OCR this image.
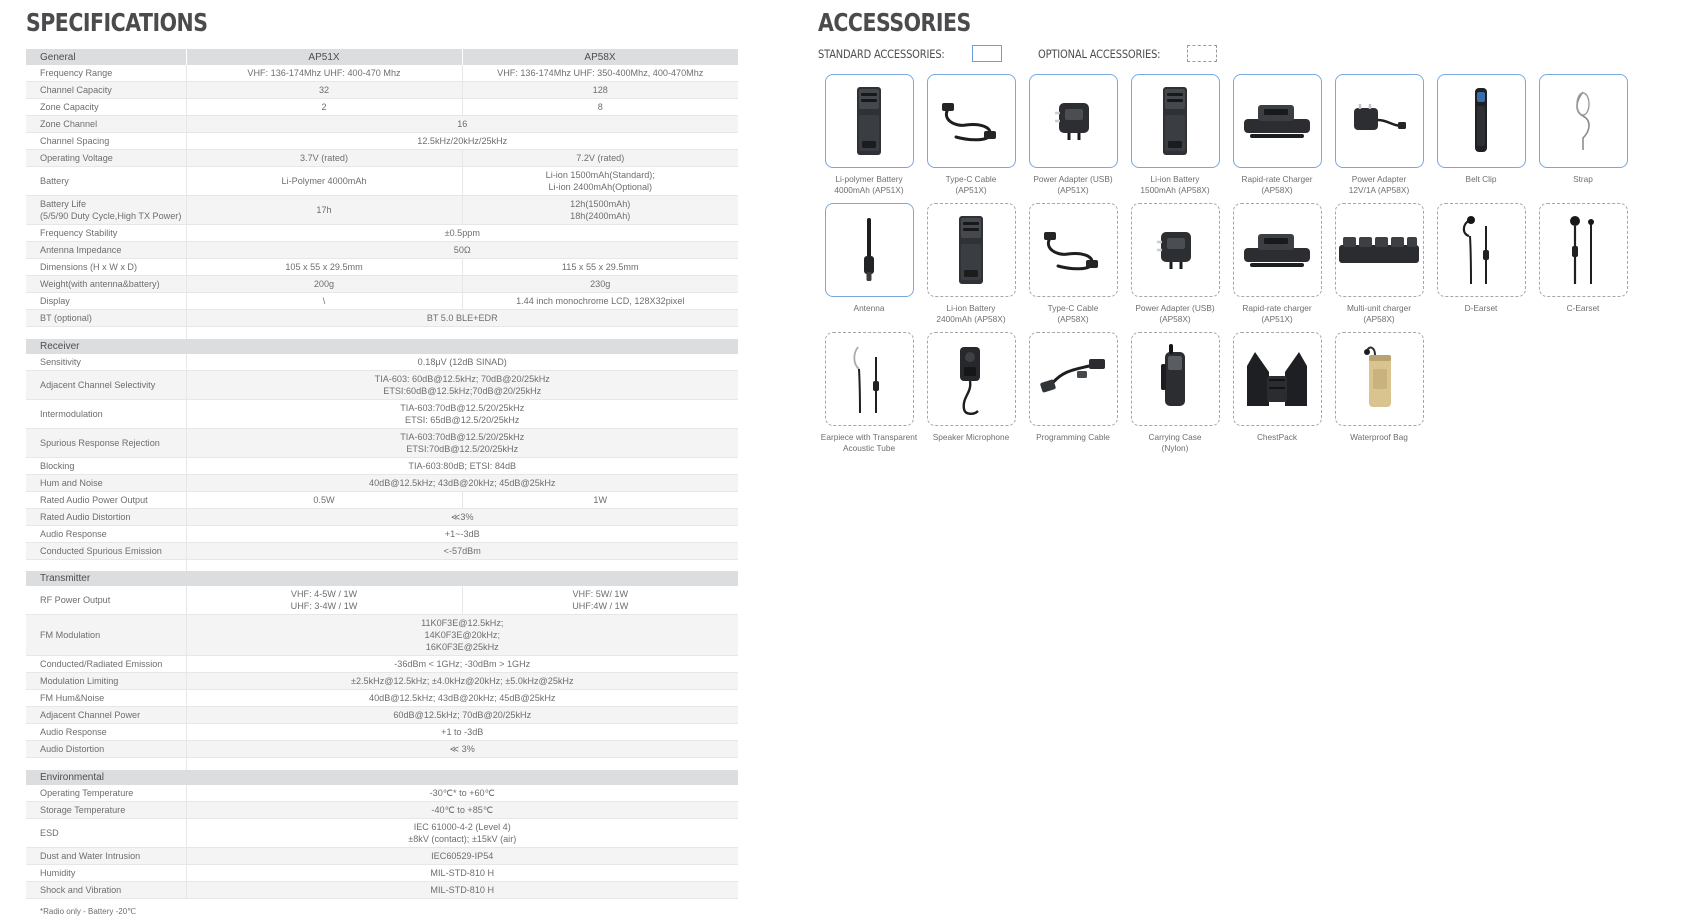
SPECIFICATIONS
General	AP51X	AP58X

Frequency Range	VHF: 136-174Mhz UHF: 400-470 Mhz	VHF: 136-174Mhz UHF: 350-400Mhz, 400-470Mhz

Channel Capacity	32	128

Zone Capacity	2	8

Zone Channel	16	

Channel Spacing	12.5kHz/20kHz/25kHz	

Operating Voltage	3.7V (rated)	7.2V (rated)

Battery	Li-Polymer 4000mAh	Li-ion 1500mAh(Standard);
Li-ion 2400mAh(Optional)

Battery Life
(5/5/90 Duty Cycle,High TX Power)	17h	12h(1500mAh)
18h(2400mAh)

Frequency Stability	±0.5ppm	

Antenna Impedance	50Ω	

Dimensions (H x W x D)	105 x 55 x 29.5mm	115 x 55 x 29.5mm

Weight(with antenna&battery)	200g	230g

Display	\	1.44 inch monochrome LCD, 128X32pixel

BT (optional)	BT 5.0 BLE+EDR	

Receiver		

Sensitivity	0.18μV (12dB SINAD)	

Adjacent Channel Selectivity	TIA-603: 60dB@12.5kHz; 70dB@20/25kHz
ETSI:60dB@12.5kHz;70dB@20/25kHz	

Intermodulation	TIA-603:70dB@12.5/20/25kHz
ETSI: 65dB@12.5/20/25kHz	

Spurious Response Rejection	TIA-603:70dB@12.5/20/25kHz
ETSI:70dB@12.5/20/25kHz	

Blocking	TIA-603:80dB; ETSI: 84dB	

Hum and Noise	40dB@12.5kHz; 43dB@20kHz; 45dB@25kHz	

Rated Audio Power Output	0.5W	1W

Rated Audio Distortion	≪3%	

Audio Response	+1~-3dB	

Conducted Spurious Emission	<-57dBm	

Transmitter		

RF Power Output	VHF: 4-5W / 1W
UHF: 3-4W / 1W	VHF: 5W/ 1W
UHF:4W / 1W

FM Modulation	11K0F3E@12.5kHz;
14K0F3E@20kHz;
16K0F3E@25kHz	

Conducted/Radiated Emission	-36dBm < 1GHz; -30dBm > 1GHz	

Modulation Limiting	±2.5kHz@12.5kHz; ±4.0kHz@20kHz; ±5.0kHz@25kHz	

FM Hum&Noise	40dB@12.5kHz; 43dB@20kHz; 45dB@25kHz	

Adjacent Channel Power	60dB@12.5kHz; 70dB@20/25kHz	

Audio Response	+1 to -3dB	

Audio Distortion	≪ 3%	

Environmental		

Operating Temperature	-30℃* to +60℃	

Storage Temperature	-40℃ to +85℃	

ESD	IEC 61000-4-2 (Level 4)
±8kV (contact); ±15kV (air)	

Dust and Water Intrusion	IEC60529-IP54	

Humidity	MIL-STD-810 H	

Shock and Vibration	MIL-STD-810 H	
*Radio only - Battery -20℃
ACCESSORIES
STANDARD ACCESSORIES:	OPTIONAL ACCESSORIES:
Li-polymer Battery
4000mAh (AP51X)
Type-C Cable
(AP51X)
Power Adapter (USB)
(AP51X)
Li-ion Battery
1500mAh (AP58X)
Rapid-rate Charger
(AP58X)
Power Adapter
12V/1A (AP58X)
Belt Clip	Strap
Antenna	Li-ion Battery
2400mAh (AP58X)
Type-C Cable
(AP58X)
Power Adapter (USB)
(AP58X)
Rapid-rate charger
(AP51X)
Multi-unit charger
(AP58X)
D-Earset	C-Earset
Earpiece with Transparent
Acoustic Tube
Speaker Microphone	Programming Cable	Carrying Case
(Nylon)
ChestPack	Waterproof Bag
